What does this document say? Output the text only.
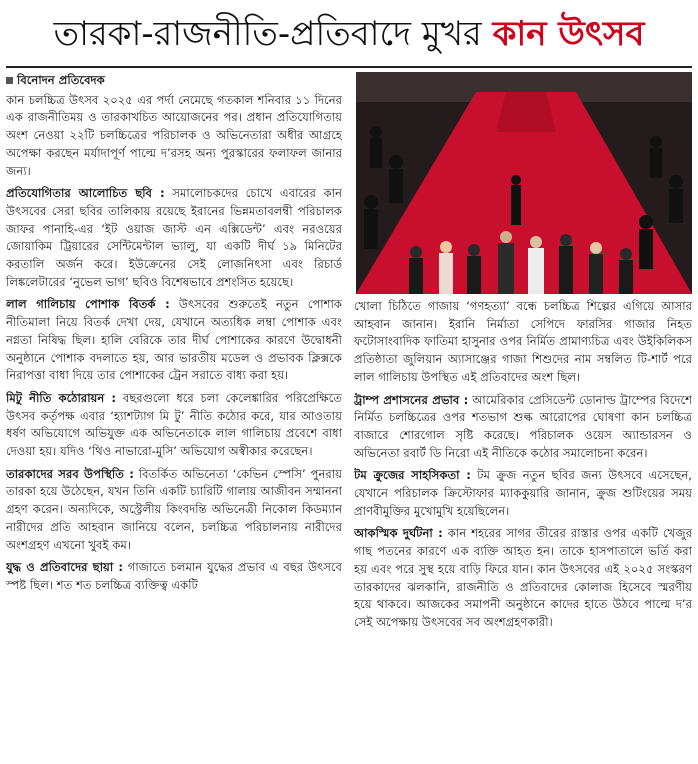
তারকা-রাজনীতি-প্রতিবাদে মুখর কান উৎসব
বিনোদন প্রতিবেদক

কান চলচ্চিত্র উৎসব ২০২৫ এর পর্দা নেমেছে গতকাল শনিবার ১১ দিনের এক রাজনীতিময় ও তারকাখচিত আয়োজনের পর। প্রধান প্রতিযোগিতায় অংশ নেওয়া ২২টি চলচ্চিত্রের পরিচালক ও অভিনেতারা অধীর আগ্রহে অপেক্ষা করছেন মর্যাদাপূর্ণ পাল্মে দ’রসহ অন্য পুরস্কারের ফলাফল জানার জন্য।

প্রতিযোগিতার আলোচিত ছবি : সমালোচকদের চোখে এবারের কান উৎসবের সেরা ছবির তালিকায় রয়েছে ইরানের ভিন্নমতাবলম্বী পরিচালক জাফর পানাহি-এর ‘ইট ওয়াজ জাস্ট এন এক্সিডেন্ট’ এবং নরওয়ের জোয়াকিম ট্রিয়ারের সেন্টিমেন্টাল ভ্যালু, যা একটি দীর্ঘ ১৯ মিনিটের করতালি অর্জন করে। ইউক্রেনের সেই লোজনিৎসা এবং রিচার্ড লিঙ্কলেটারের ‘নুভেল ভাগ’ ছবিও বিশেষভাবে প্রশংসিত হয়েছে।

লাল গালিচায় পোশাক বিতর্ক : উৎসবের শুরুতেই নতুন পোশাক নীতিমালা নিয়ে বিতর্ক দেখা দেয়, যেখানে অত্যধিক লম্বা পোশাক এবং নগ্নতা নিষিদ্ধ ছিল। হালি বেরিকে তার দীর্ঘ পোশাকের কারণে উদ্বোধনী অনুষ্ঠানে পোশাক বদলাতে হয়, আর ভারতীয় মডেল ও প্রভাবক ক্লিক্সকে নিরাপত্তা বাধা দিয়ে তার পোশাকের ট্রেন সরাতে বাধ্য করা হয়।

মিটু নীতি কঠোরায়ন : বছরগুলো ধরে চলা কেলেঙ্কারির পরিপ্রেক্ষিতে উৎসব কর্তৃপক্ষ এবার ‘হ্যাশট্যাগ মি টু’ নীতি কঠোর করে, যার আওতায় ধর্ষণ অভিযোগে অভিযুক্ত এক অভিনেতাকে লাল গালিচায় প্রবেশে বাধা দেওয়া হয়। যদিও ‘থিও নাভারো-মুসি’ অভিযোগ অস্বীকার করেছেন।

তারকাদের সরব উপস্থিতি : বিতর্কিত অভিনেতা ‘কেভিন স্পেসি’ পুনরায় তারকা হয়ে উঠেছেন, যখন তিনি একটি চ্যারিটি গালায় আজীবন সম্মাননা গ্রহণ করেন। অন্যদিকে, অস্ট্রেলীয় কিংবদন্তি অভিনেত্রী নিকোল কিডম্যান নারীদের প্রতি আহবান জানিয়ে বলেন, চলচ্চিত্র পরিচালনায় নারীদের অংশগ্রহণ এখনো খুবই কম।

যুদ্ধ ও প্রতিবাদের ছায়া : গাজাতে চলমান যুদ্ধের প্রভাব এ বছর উৎসবে স্পষ্ট ছিল। শত শত চলচ্চিত্র ব্যক্তিত্ব একটি

খোলা চিঠিতে গাজায় ‘গণহত্যা’ বন্ধে চলচ্চিত্র শিল্পের এগিয়ে আসার আহবান জানান। ইরানি নির্মাতা সেপিদে ফারসির গাজার নিহত ফটোসাংবাদিক ফাতিমা হাসুনার ওপর নির্মিত প্রামাণ্যচিত্র এবং উইকিলিকস প্রতিষ্ঠাতা জুলিয়ান অ্যাসাঞ্জের গাজা শিশুদের নাম সম্বলিত টি-শার্ট পরে লাল গালিচায় উপস্থিত এই প্রতিবাদের অংশ ছিল।

ট্রাম্প প্রশাসনের প্রভাব : আমেরিকার প্রেসিডেন্ট ডোনাল্ড ট্রাম্পের বিদেশে নির্মিত চলচ্চিত্রের ওপর শতভাগ শুল্ক আরোপের ঘোষণা কান চলচ্চিত্র বাজারে শোরগোল সৃষ্টি করেছে। পরিচালক ওয়েস অ্যান্ডারসন ও অভিনেতা রবার্ট ডি নিরো এই নীতিকে কঠোর সমালোচনা করেন।

টম ক্রুজের সাহসিকতা : টম ক্রুজ নতুন ছবির জন্য উৎসবে এসেছেন, যেখানে পরিচালক ক্রিস্টোফার ম্যাককুয়ারি জানান, ক্রুজ শুটিংয়ের সময় প্রাণবীমুক্তির মুখোমুখি হয়েছিলেন।

আকস্মিক দুর্ঘটনা : কান শহরের সাগর তীরের রাস্তার ওপর একটি খেজুর গাছ পতনের কারণে এক ব্যক্তি আহত হন। তাকে হাসপাতালে ভর্তি করা হয় এবং পরে সুস্থ হয়ে বাড়ি ফিরে যান। কান উৎসবের এই ২০২৫ সংস্করণ তারকাদের ঝলকানি, রাজনীতি ও প্রতিবাদের কোলাজ হিসেবে স্মরণীয় হয়ে থাকবে। আজকের সমাপনী অনুষ্ঠানে কাদের হাতে উঠবে পাল্মে দ’র সেই অপেক্ষায় উৎসবের সব অংশগ্রহণকারী।
